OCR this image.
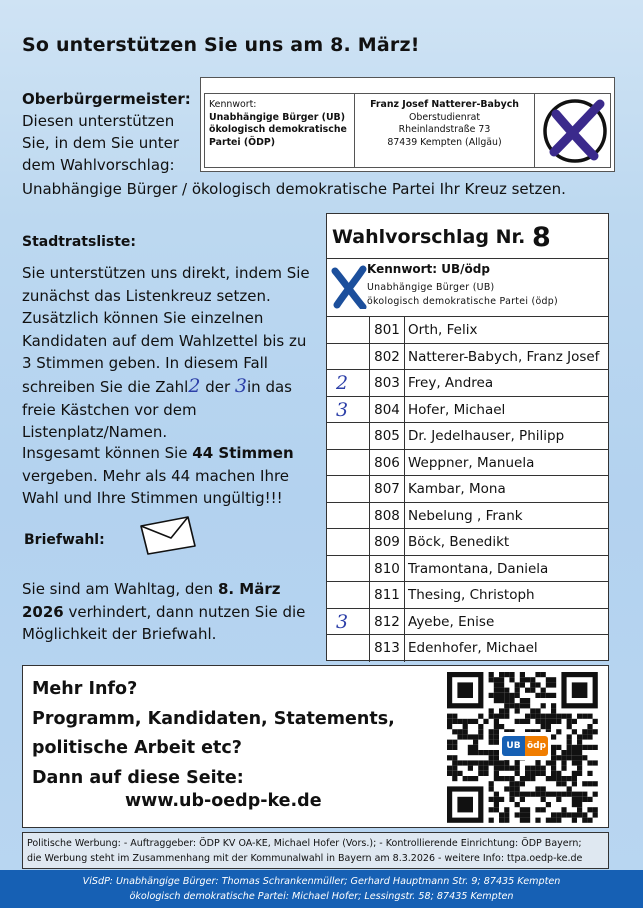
So unterstützen Sie uns am 8. März!
Oberbürgermeister:
Diesen unterstützen Sie, in dem Sie unter dem Wahlvorschlag:
Unabhängige Bürger / ökologisch demokratische Partei Ihr Kreuz setzen.
Kennwort:
Unabhängige Bürger (UB)
ökologisch demokratische
Partei (ÖDP)
Franz Josef Natterer-Babych
Oberstudienrat
Rheinlandstraße 73
87439 Kempten (Allgäu)
Stadtratsliste:
Sie unterstützen uns direkt, indem Sie zunächst das Listenkreuz setzen. Zusätzlich können Sie einzelnen Kandidaten auf dem Wahlzettel bis zu 3 Stimmen geben. In diesem Fall schreiben Sie die Zahl2 der 3in das freie Kästchen vor dem Listenplatz/Namen.
Insgesamt können Sie 44 Stimmen vergeben. Mehr als 44 machen Ihre Wahl und Ihre Stimmen ungültig!!!
Briefwahl:
Sie sind am Wahltag, den 8. März 2026 verhindert, dann nutzen Sie die Möglichkeit der Briefwahl.
Wahlvorschlag Nr. 8
Kennwort: UB/ödp
Unabhängige Bürger (UB)
ökologisch demokratische Partei (ödp)
801 Orth, Felix
802 Natterer-Babych, Franz Josef
2	803 Frey, Andrea
3	804 Hofer, Michael
805 Dr. Jedelhauser, Philipp
806 Weppner, Manuela
807 Kambar, Mona
808 Nebelung , Frank
809 Böck, Benedikt
810 Tramontana, Daniela
811 Thesing, Christoph
3	812 Ayebe, Enise
813 Edenhofer, Michael
Mehr Info?
Programm, Kandidaten, Statements,
politische Arbeit etc?
Dann auf diese Seite:
www.ub-oedp-ke.de
UB ödp
Politische Werbung: - Auftraggeber: ÖDP KV OA-KE, Michael Hofer (Vors.); - Kontrollierende Einrichtung: ÖDP Bayern;
die Werbung steht im Zusammenhang mit der Kommunalwahl in Bayern am 8.3.2026 - weitere Info: ttpa.oedp-ke.de
ViSdP: Unabhängige Bürger: Thomas Schrankenmüller; Gerhard Hauptmann Str. 9; 87435 Kempten
ökologisch demokratische Partei: Michael Hofer; Lessingstr. 58; 87435 Kempten
